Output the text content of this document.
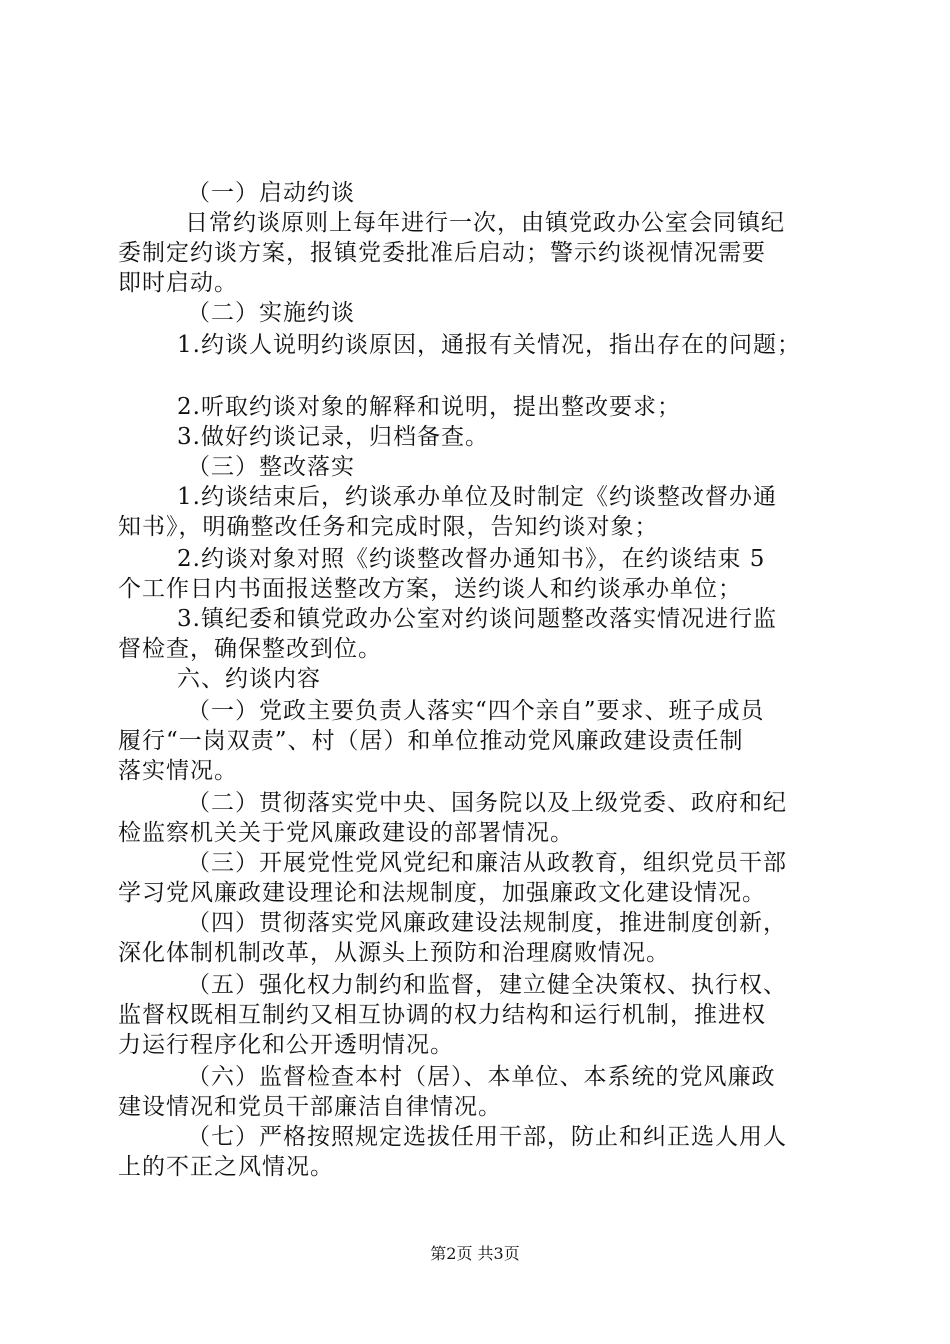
（一）启动约谈
日常约谈原则上每年进行一次，由镇党政办公室会同镇纪
委制定约谈方案，报镇党委批准后启动；警示约谈视情况需要
即时启动。
（二）实施约谈
1.约谈人说明约谈原因，通报有关情况，指出存在的问题；
2.听取约谈对象的解释和说明，提出整改要求；
3.做好约谈记录，归档备查。
（三）整改落实
1.约谈结束后，约谈承办单位及时制定《约谈整改督办通
知书》，明确整改任务和完成时限，告知约谈对象；
2.约谈对象对照《约谈整改督办通知书》，在约谈结束 5
个工作日内书面报送整改方案，送约谈人和约谈承办单位；
3.镇纪委和镇党政办公室对约谈问题整改落实情况进行监
督检查，确保整改到位。
六、约谈内容
（一）党政主要负责人落实“四个亲自”要求、班子成员
履行“一岗双责”、村（居）和单位推动党风廉政建设责任制
落实情况。
（二）贯彻落实党中央、国务院以及上级党委、政府和纪
检监察机关关于党风廉政建设的部署情况。
（三）开展党性党风党纪和廉洁从政教育，组织党员干部
学习党风廉政建设理论和法规制度，加强廉政文化建设情况。
（四）贯彻落实党风廉政建设法规制度，推进制度创新，
深化体制机制改革，从源头上预防和治理腐败情况。
（五）强化权力制约和监督，建立健全决策权、执行权、
监督权既相互制约又相互协调的权力结构和运行机制，推进权
力运行程序化和公开透明情况。
（六）监督检查本村（居）、本单位、本系统的党风廉政
建设情况和党员干部廉洁自律情况。
（七）严格按照规定选拔任用干部，防止和纠正选人用人
上的不正之风情况。
第2页 共3页
